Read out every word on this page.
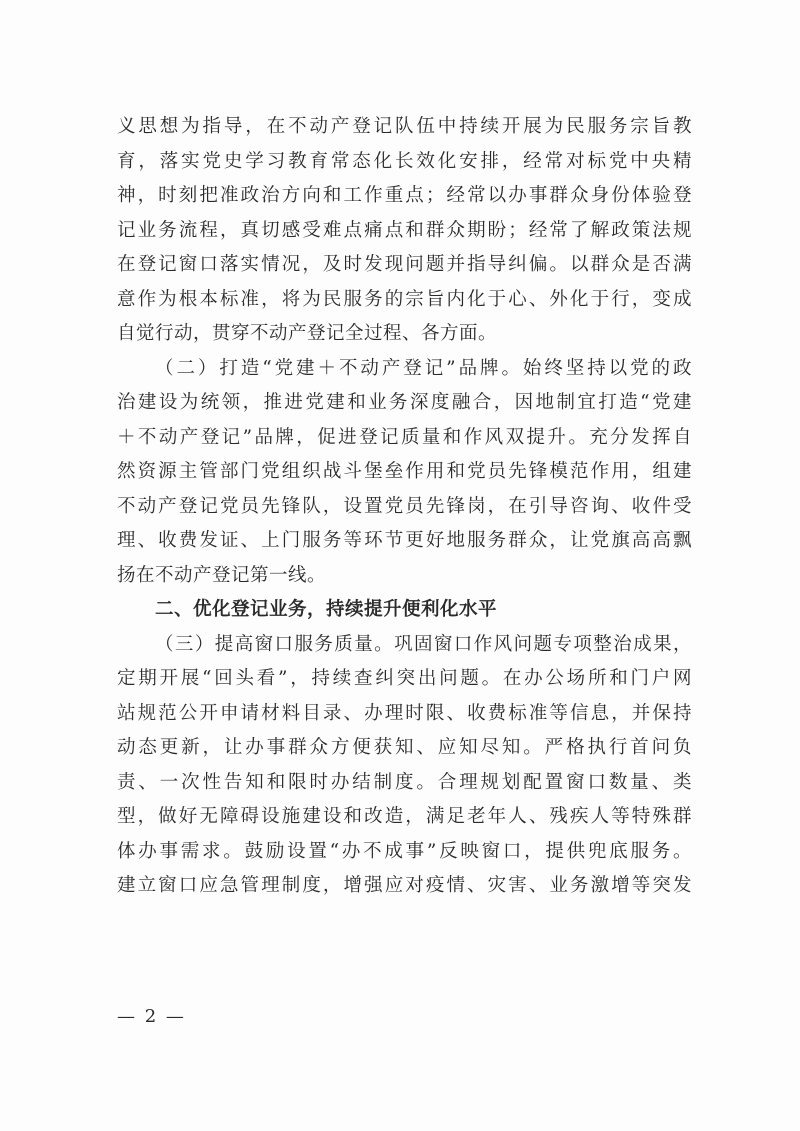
义思想为指导，在不动产登记队伍中持续开展为民服务宗旨教
育，落实党史学习教育常态化长效化安排，经常对标党中央精
神，时刻把准政治方向和工作重点；经常以办事群众身份体验登
记业务流程，真切感受难点痛点和群众期盼；经常了解政策法规
在登记窗口落实情况，及时发现问题并指导纠偏。以群众是否满
意作为根本标准，将为民服务的宗旨内化于心、外化于行，变成
自觉行动，贯穿不动产登记全过程、各方面。
（二）打造“党建＋不动产登记”品牌。始终坚持以党的政
治建设为统领，推进党建和业务深度融合，因地制宜打造“党建
＋不动产登记”品牌，促进登记质量和作风双提升。充分发挥自
然资源主管部门党组织战斗堡垒作用和党员先锋模范作用，组建
不动产登记党员先锋队，设置党员先锋岗，在引导咨询、收件受
理、收费发证、上门服务等环节更好地服务群众，让党旗高高飘
扬在不动产登记第一线。
二、优化登记业务，持续提升便利化水平
（三）提高窗口服务质量。巩固窗口作风问题专项整治成果，
定期开展“回头看”，持续查纠突出问题。在办公场所和门户网
站规范公开申请材料目录、办理时限、收费标准等信息，并保持
动态更新，让办事群众方便获知、应知尽知。严格执行首问负
责、一次性告知和限时办结制度。合理规划配置窗口数量、类
型，做好无障碍设施建设和改造，满足老年人、残疾人等特殊群
体办事需求。鼓励设置“办不成事”反映窗口，提供兜底服务。
建立窗口应急管理制度，增强应对疫情、灾害、业务激增等突发
— 2 —
